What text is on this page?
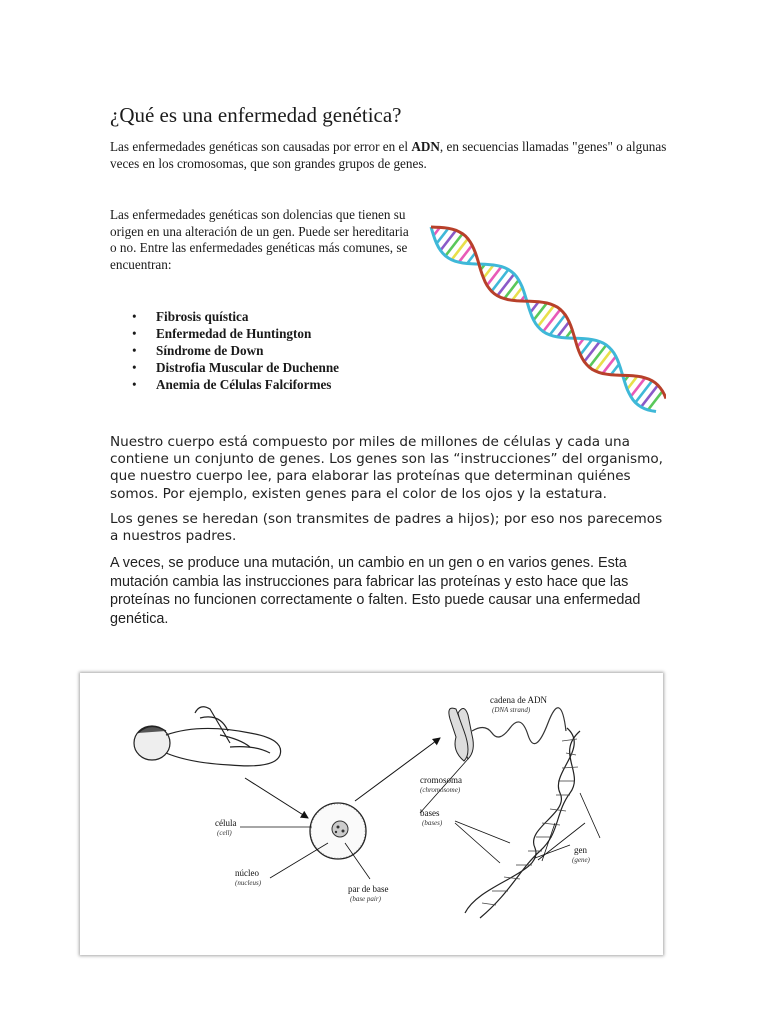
¿Qué es una enfermedad genética?

Las enfermedades genéticas son causadas por error en el ADN, en secuencias llamadas "genes" o algunas veces en los cromosomas, que son grandes grupos de genes.

Las enfermedades genéticas son dolencias que tienen su origen en una alteración de un gen. Puede ser hereditaria o no. Entre las enfermedades genéticas más comunes, se encuentran:

• Fibrosis quística
• Enfermedad de Huntington
• Síndrome de Down
• Distrofia Muscular de Duchenne
• Anemia de Células Falciformes

Nuestro cuerpo está compuesto por miles de millones de células y cada una contiene un conjunto de genes. Los genes son las “instrucciones” del organismo, que nuestro cuerpo lee, para elaborar las proteínas que determinan quiénes somos. Por ejemplo, existen genes para el color de los ojos y la estatura.

Los genes se heredan (son transmites de padres a hijos); por eso nos parecemos a nuestros padres.

A veces, se produce una mutación, un cambio en un gen o en varios genes. Esta mutación cambia las instrucciones para fabricar las proteínas y esto hace que las proteínas no funcionen correctamente o falten. Esto puede causar una enfermedad genética.

célula
(cell)
núcleo
(nucleus)
par de base
(base pair)
cadena de ADN
(DNA strand)
cromosoma
(chromosome)
bases
(bases)
gen
(gene)
